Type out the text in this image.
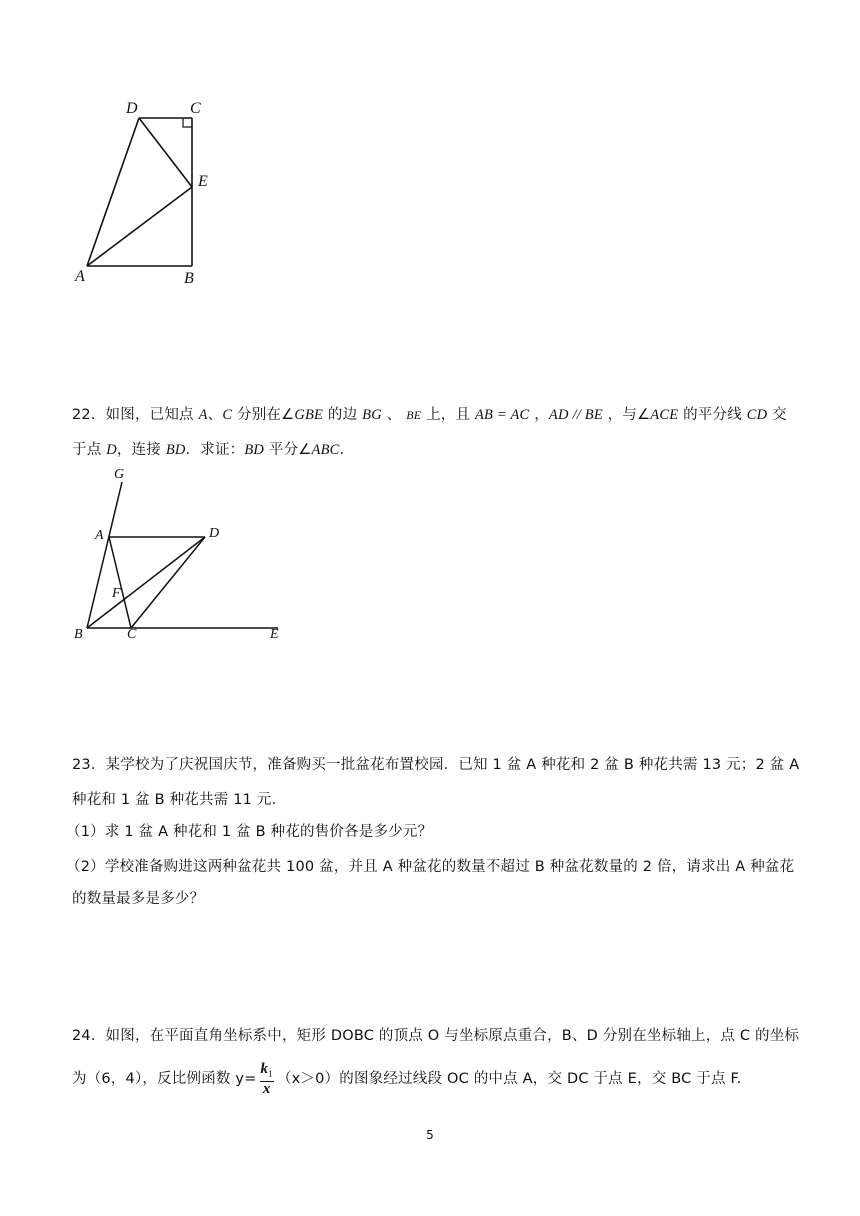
D	C
E
A	B
22．如图，已知点 A、C 分别在∠GBE 的边 BG 、 BE 上，且 AB = AC ，AD // BE ，与∠ACE 的平分线 CD 交
于点 D，连接 BD．求证：BD 平分∠ABC．
G
A	D
F
B	C	E
23．某学校为了庆祝国庆节，准备购买一批盆花布置校园．已知 1 盆 A 种花和 2 盆 B 种花共需 13 元；2 盆 A
种花和 1 盆 B 种花共需 11 元．
（1）求 1 盆 A 种花和 1 盆 B 种花的售价各是多少元？
（2）学校准备购进这两种盆花共 100 盆，并且 A 种盆花的数量不超过 B 种盆花数量的 2 倍，请求出 A 种盆花
的数量最多是多少？
24．如图，在平面直角坐标系中，矩形 DOBC 的顶点 O 与坐标原点重合，B、D 分别在坐标轴上，点 C 的坐标
为（6，4），反比例函数 $y= \frac{k_1}{x} (x>0)$的图象经过线段 OC 的中点 A，交 DC 于点 E，交 BC 于点 F.
5
